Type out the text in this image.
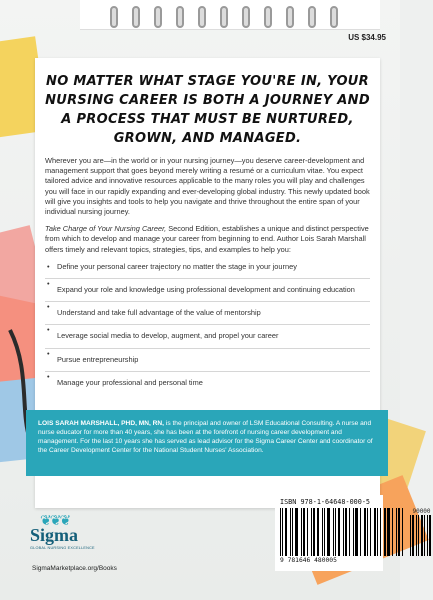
US $34.95
NO MATTER WHAT STAGE YOU'RE IN, YOUR NURSING CAREER IS BOTH A JOURNEY AND A PROCESS THAT MUST BE NURTURED, GROWN, AND MANAGED.

Wherever you are—in the world or in your nursing journey—you deserve career-development and management support that goes beyond merely writing a resumé or a curriculum vitae. You expect tailored advice and innovative resources applicable to the many roles you will play and challenges you will face in our rapidly expanding and ever-developing global industry. This newly updated book will give you insights and tools to help you navigate and thrive throughout the entire span of your individual nursing journey.

Take Charge of Your Nursing Career, Second Edition, establishes a unique and distinct perspective from which to develop and manage your career from beginning to end. Author Lois Sarah Marshall offers timely and relevant topics, strategies, tips, and examples to help you:

• Define your personal career trajectory no matter the stage in your journey
• Expand your role and knowledge using professional development and continuing education
• Understand and take full advantage of the value of mentorship
• Leverage social media to develop, augment, and propel your career
• Pursue entrepreneurship
• Manage your professional and personal time
LOIS SARAH MARSHALL, PHD, MN, RN, is the principal and owner of LSM Educational Consulting. A nurse and nurse educator for more than 40 years, she has been at the forefront of nursing career development and management. For the last 10 years she has served as lead advisor for the Sigma Career Center and coordinator of the Career Development Center for the National Student Nurses' Association.
❦❦❦
Sigma
GLOBAL NURSING EXCELLENCE
SigmaMarketplace.org/Books
ISBN 978-1-64648-000-5
90000
9 781646 480005
